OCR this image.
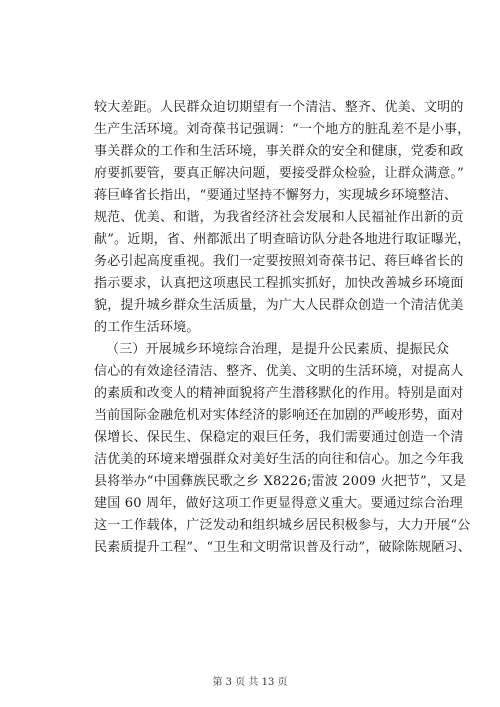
较大差距。人民群众迫切期望有一个清洁、整齐、优美、文明的
生产生活环境。刘奇葆书记强调：“一个地方的脏乱差不是小事，
事关群众的工作和生活环境，事关群众的安全和健康，党委和政
府要抓要管，要真正解决问题，要接受群众检验，让群众满意。”
蒋巨峰省长指出，“要通过坚持不懈努力，实现城乡环境整洁、
规范、优美、和谐，为我省经济社会发展和人民福祉作出新的贡
献”。近期，省、州都派出了明查暗访队分赴各地进行取证曝光，
务必引起高度重视。我们一定要按照刘奇葆书记、蒋巨峰省长的
指示要求，认真把这项惠民工程抓实抓好，加快改善城乡环境面
貌，提升城乡群众生活质量，为广大人民群众创造一个清洁优美
的工作生活环境。
（三）开展城乡环境综合治理，是提升公民素质、提振民众
信心的有效途径清洁、整齐、优美、文明的生活环境，对提高人
的素质和改变人的精神面貌将产生潜移默化的作用。特别是面对
当前国际金融危机对实体经济的影响还在加剧的严峻形势，面对
保增长、保民生、保稳定的艰巨任务，我们需要通过创造一个清
洁优美的环境来增强群众对美好生活的向往和信心。加之今年我
县将举办“中国彝族民歌之乡 X8226;雷波 2009 火把节”，又是
建国 60 周年，做好这项工作更显得意义重大。要通过综合治理
这一工作载体，广泛发动和组织城乡居民积极参与，大力开展“公
民素质提升工程”、“卫生和文明常识普及行动”，破除陈规陋习、
第 3 页 共 13 页
